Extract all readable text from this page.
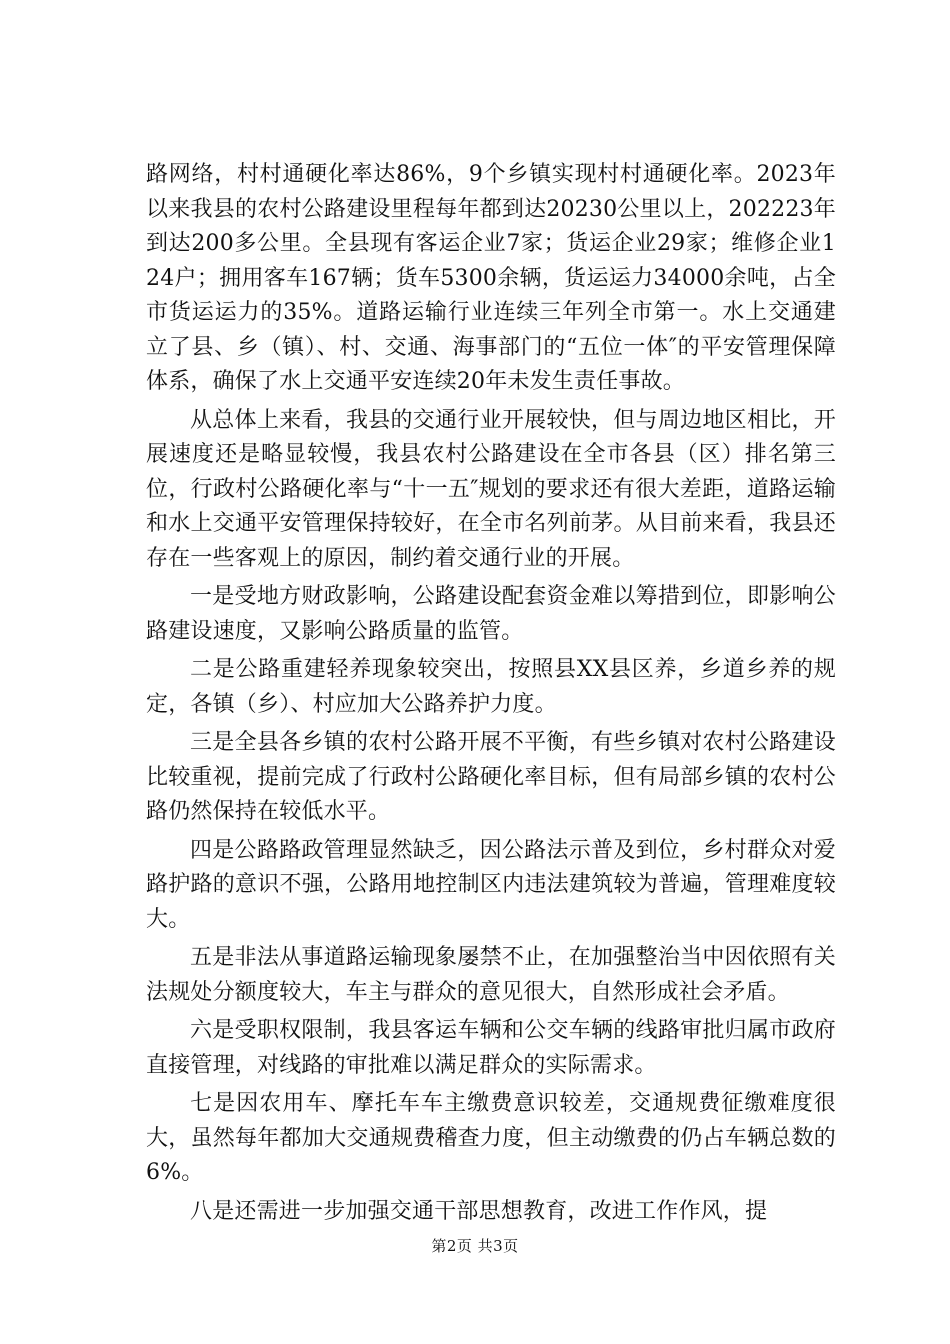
路网络，村村通硬化率达86%，9个乡镇实现村村通硬化率。2023年以来我县的农村公路建设里程每年都到达20230公里以上，202223年到达200多公里。全县现有客运企业7家；货运企业29家；维修企业124户；拥用客车167辆；货车5300余辆，货运运力34000余吨，占全市货运运力的35%。道路运输行业连续三年列全市第一。水上交通建立了县、乡（镇）、村、交通、海事部门的“五位一体″的平安管理保障体系，确保了水上交通平安连续20年未发生责任事故。

从总体上来看，我县的交通行业开展较快，但与周边地区相比，开展速度还是略显较慢，我县农村公路建设在全市各县（区）排名第三位，行政村公路硬化率与“十一五″规划的要求还有很大差距，道路运输和水上交通平安管理保持较好，在全市名列前茅。从目前来看，我县还存在一些客观上的原因，制约着交通行业的开展。

一是受地方财政影响，公路建设配套资金难以筹措到位，即影响公路建设速度，又影响公路质量的监管。

二是公路重建轻养现象较突出，按照县XX县区养，乡道乡养的规定，各镇（乡）、村应加大公路养护力度。

三是全县各乡镇的农村公路开展不平衡，有些乡镇对农村公路建设比较重视，提前完成了行政村公路硬化率目标，但有局部乡镇的农村公路仍然保持在较低水平。

四是公路路政管理显然缺乏，因公路法示普及到位，乡村群众对爱路护路的意识不强，公路用地控制区内违法建筑较为普遍，管理难度较大。

五是非法从事道路运输现象屡禁不止，在加强整治当中因依照有关法规处分额度较大，车主与群众的意见很大，自然形成社会矛盾。

六是受职权限制，我县客运车辆和公交车辆的线路审批归属市政府直接管理，对线路的审批难以满足群众的实际需求。

七是因农用车、摩托车车主缴费意识较差，交通规费征缴难度很大，虽然每年都加大交通规费稽查力度，但主动缴费的仍占车辆总数的6%。

八是还需进一步加强交通干部思想教育，改进工作作风，提

第2页 共3页
